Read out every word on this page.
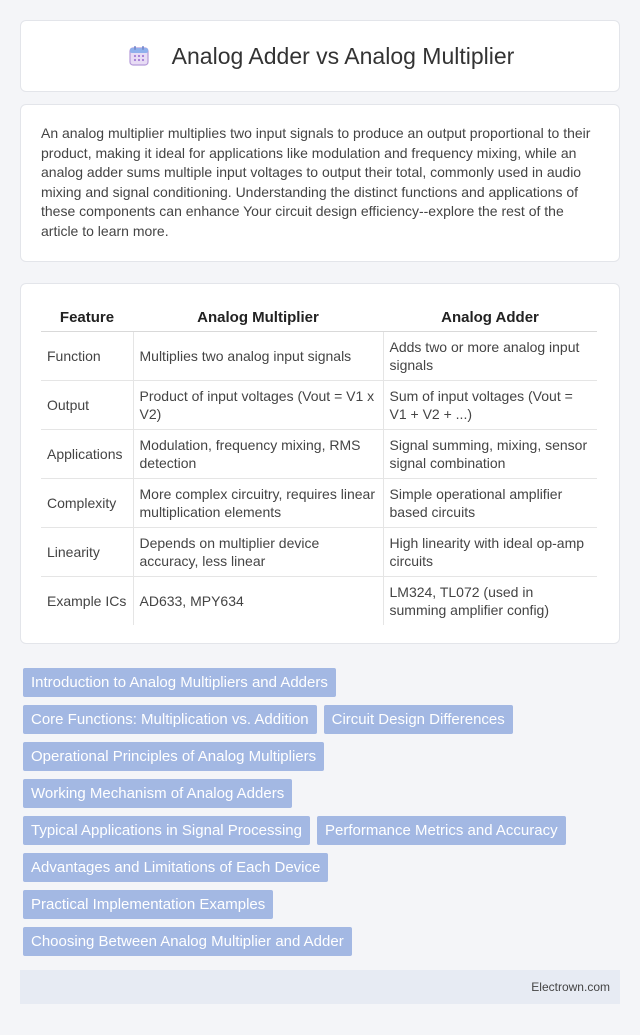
Analog Adder vs Analog Multiplier

An analog multiplier multiplies two input signals to produce an output proportional to their product, making it ideal for applications like modulation and frequency mixing, while an analog adder sums multiple input voltages to output their total, commonly used in audio mixing and signal conditioning. Understanding the distinct functions and applications of these components can enhance Your circuit design efficiency--explore the rest of the article to learn more.

Feature	Analog Multiplier	Analog Adder
Function	Multiplies two analog input signals	Adds two or more analog input signals
Output	Product of input voltages (Vout = V1 x V2)	Sum of input voltages (Vout = V1 + V2 + ...)
Applications	Modulation, frequency mixing, RMS detection	Signal summing, mixing, sensor signal combination
Complexity	More complex circuitry, requires linear multiplication elements	Simple operational amplifier based circuits
Linearity	Depends on multiplier device accuracy, less linear	High linearity with ideal op-amp circuits
Example ICs	AD633, MPY634	LM324, TL072 (used in summing amplifier config)
Introduction to Analog Multipliers and Adders
Core Functions: Multiplication vs. Addition	Circuit Design Differences
Operational Principles of Analog Multipliers
Working Mechanism of Analog Adders
Typical Applications in Signal Processing	Performance Metrics and Accuracy
Advantages and Limitations of Each Device
Practical Implementation Examples
Choosing Between Analog Multiplier and Adder
Electrown.com
